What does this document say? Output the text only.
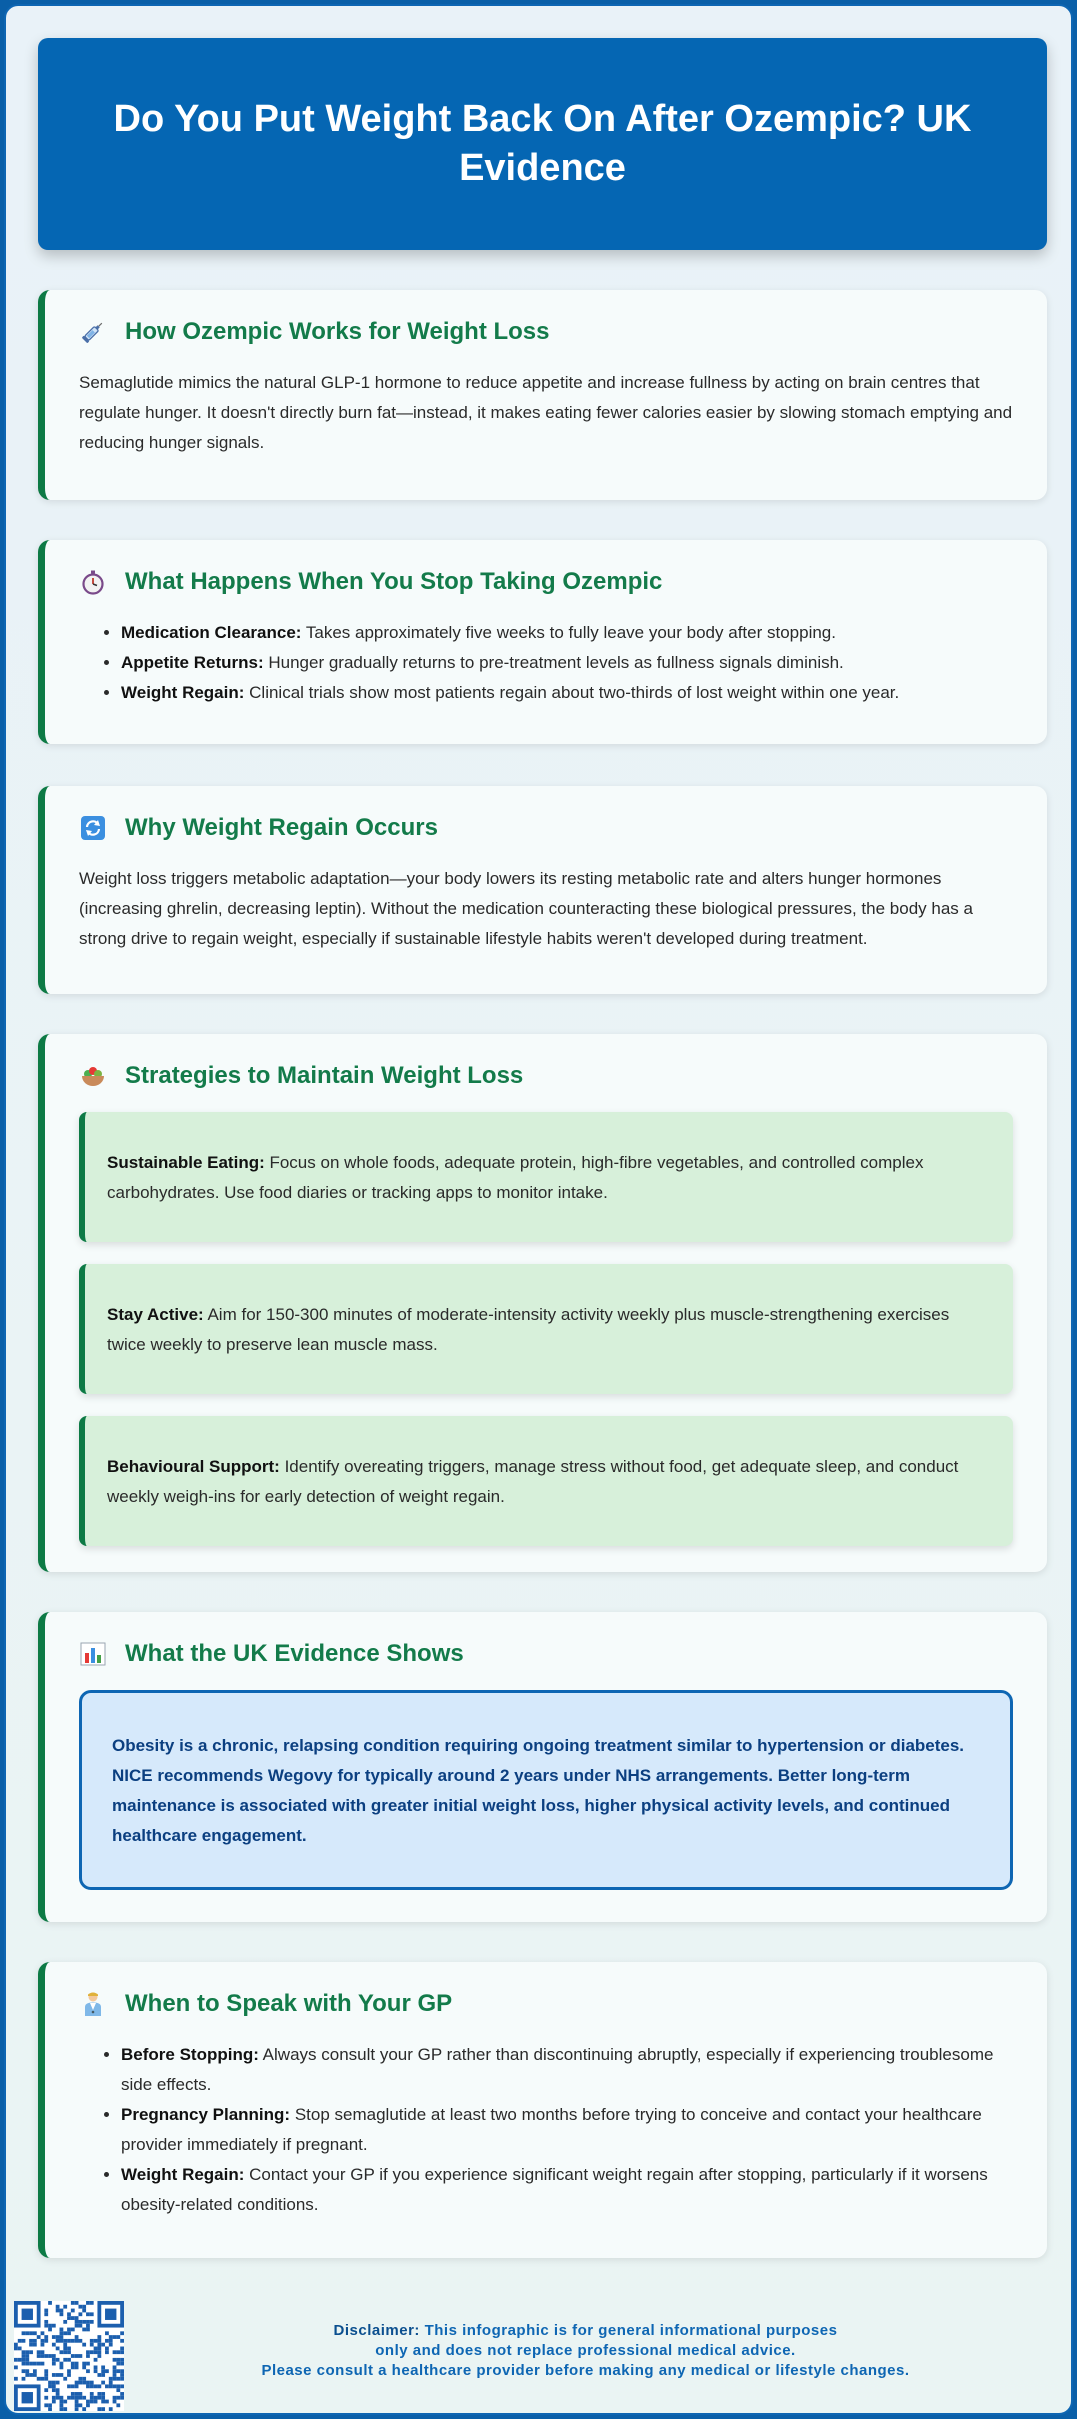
Do You Put Weight Back On After Ozempic? UK Evidence
How Ozempic Works for Weight Loss

Semaglutide mimics the natural GLP-1 hormone to reduce appetite and increase fullness by acting on brain centres that regulate hunger. It doesn't directly burn fat—instead, it makes eating fewer calories easier by slowing stomach emptying and reducing hunger signals.

What Happens When You Stop Taking Ozempic
• Medication Clearance: Takes approximately five weeks to fully leave your body after stopping.
• Appetite Returns: Hunger gradually returns to pre-treatment levels as fullness signals diminish.
• Weight Regain: Clinical trials show most patients regain about two-thirds of lost weight within one year.
Why Weight Regain Occurs

Weight loss triggers metabolic adaptation—your body lowers its resting metabolic rate and alters hunger hormones (increasing ghrelin, decreasing leptin). Without the medication counteracting these biological pressures, the body has a strong drive to regain weight, especially if sustainable lifestyle habits weren't developed during treatment.

Strategies to Maintain Weight Loss
Sustainable Eating: Focus on whole foods, adequate protein, high-fibre vegetables, and controlled complex carbohydrates. Use food diaries or tracking apps to monitor intake.
Stay Active: Aim for 150-300 minutes of moderate-intensity activity weekly plus muscle-strengthening exercises twice weekly to preserve lean muscle mass.
Behavioural Support: Identify overeating triggers, manage stress without food, get adequate sleep, and conduct weekly weigh-ins for early detection of weight regain.
What the UK Evidence Shows
Obesity is a chronic, relapsing condition requiring ongoing treatment similar to hypertension or diabetes. NICE recommends Wegovy for typically around 2 years under NHS arrangements. Better long-term maintenance is associated with greater initial weight loss, higher physical activity levels, and continued healthcare engagement.
When to Speak with Your GP
• Before Stopping: Always consult your GP rather than discontinuing abruptly, especially if experiencing troublesome side effects.
• Pregnancy Planning: Stop semaglutide at least two months before trying to conceive and contact your healthcare provider immediately if pregnant.
• Weight Regain: Contact your GP if you experience significant weight regain after stopping, particularly if it worsens obesity-related conditions.
Disclaimer: This infographic is for general informational purposes
only and does not replace professional medical advice.
Please consult a healthcare provider before making any medical or lifestyle changes.
